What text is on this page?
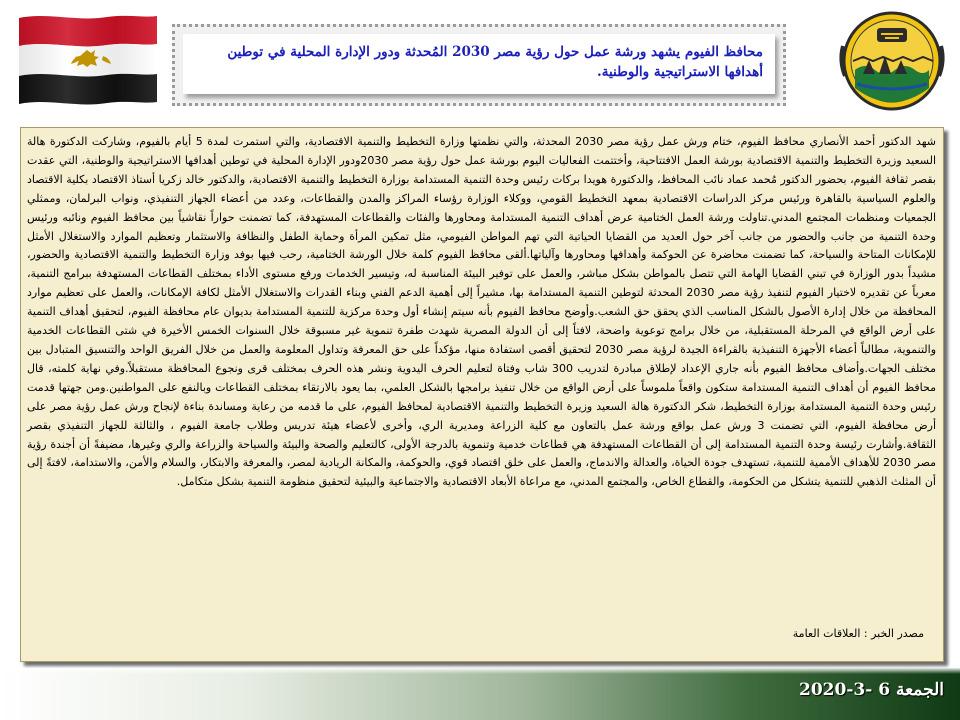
محافظ الفيوم يشهد ورشة عمل حول رؤية مصر 2030 المُحدثة ودور الإدارة المحلية في توطين أهدافها الاستراتيجية والوطنية.

شهد الدكتور أحمد الأنصاري محافظ الفيوم، ختام ورش عمل رؤية مصر 2030 المحدثة، والتي نظمتها وزارة التخطيط والتنمية الاقتصادية، والتي استمرت لمدة 5 أيام بالفيوم، وشاركت الدكتورة هالة السعيد وزيرة التخطيط والتنمية الاقتصادية بورشة العمل الافتتاحية، وأختتمت الفعاليات اليوم بورشة عمل حول رؤية مصر 2030ودور الإدارة المحلية في توطين أهدافها الاستراتيجية والوطنية، التي عقدت بقصر ثقافة الفيوم، بحضور الدكتور مُحمد عماد نائب المحافظ، والدكتورة هويدا بركات رئيس وحدة التنمية المستدامة بوزارة التخطيط والتنمية الاقتصادية، والدكتور خالد زكريا أستاذ الاقتصاد بكلية الاقتصاد والعلوم السياسية بالقاهرة ورئيس مركز الدراسات الاقتصادية بمعهد التخطيط القومي، ووكلاء الوزارة رؤساء المراكز والمدن والقطاعات، وعدد من أعضاء الجهاز التنفيذي، ونواب البرلمان، وممثلي الجمعيات ومنظمات المجتمع المدني.تناولت ورشة العمل الختامية عرض أهداف التنمية المستدامة ومحاورها والفئات والقطاعات المستهدفة، كما تضمنت حواراً نقاشياً بين محافظ الفيوم ونائبه ورئيس وحدة التنمية من جانب والحضور من جانب آخر حول العديد من القضايا الحياتية التي تهم المواطن الفيومي، مثل تمكين المرأة وحماية الطفل والنظافة والاستثمار وتعظيم الموارد والاستغلال الأمثل للإمكانات المتاحة والسياحة، كما تضمنت محاضرة عن الحوكمة وأهدافها ومحاورها وآلياتها.ألقى محافظ الفيوم كلمة خلال الورشة الختامية، رحب فيها بوفد وزارة التخطيط والتنمية الاقتصادية والحضور، مشيداً بدور الوزارة في تبني القضايا الهامة التي تتصل بالمواطن بشكل مباشر، والعمل على توفير البيئة المناسبة له، وتيسير الخدمات ورفع مستوى الأداء بمختلف القطاعات المستهدفة ببرامج التنمية، معرباً عن تقديره لاختيار الفيوم لتنفيذ رؤية مصر 2030 المحدثة لتوطين التنمية المستدامة بها، مشيراً إلى أهمية الدعم الفني وبناء القدرات والاستغلال الأمثل لكافة الإمكانات، والعمل على تعظيم موارد المحافظة من خلال إدارة الأصول بالشكل المناسب الذي يحقق حق الشعب.وأوضح محافظ الفيوم بأنه سيتم إنشاء أول وحدة مركزية للتنمية المستدامة بديوان عام محافظة الفيوم، لتحقيق أهداف التنمية على أرض الواقع في المرحلة المستقبلية، من خلال برامج توعوية واضحة، لافتاً إلى أن الدولة المصرية شهدت طفرة تنموية غير مسبوقة خلال السنوات الخمس الأخيرة في شتى القطاعات الخدمية والتنموية، مطالباً أعضاء الأجهزة التنفيذية بالقراءة الجيدة لرؤية مصر 2030 لتحقيق أقصى استفادة منها، مؤكداً على حق المعرفة وتداول المعلومة والعمل من خلال الفريق الواحد والتنسيق المتبادل بين مختلف الجهات.وأضاف محافظ الفيوم بأنه جاري الإعداد لإطلاق مبادرة لتدريب 300 شاب وفتاة لتعليم الحرف اليدوية ونشر هذه الحرف بمختلف قرى ونجوع المحافظة مستقبلاً.وفي نهاية كلمته، قال محافظ الفيوم أن أهداف التنمية المستدامة ستكون واقعاً ملموساً على أرض الواقع من خلال تنفيذ برامجها بالشكل العلمي، بما يعود بالارتقاء بمختلف القطاعات وبالنفع على المواطنين.ومن جهتها قدمت رئيس وحدة التنمية المستدامة بوزارة التخطيط، شكر الدكتورة هالة السعيد وزيرة التخطيط والتنمية الاقتصادية لمحافظ الفيوم، على ما قدمه من رعاية ومساندة بناءة لإنجاح ورش عمل رؤية مصر على أرض محافظة الفيوم، التي تضمنت 3 ورش عمل بواقع ورشة عمل بالتعاون مع كلية الزراعة ومديرية الري، وأخرى لأعضاء هيئة تدريس وطلاب جامعة الفيوم ، والثالثة للجهاز التنفيذي بقصر الثقافة.وأشارت رئيسة وحدة التنمية المستدامة إلى أن القطاعات المستهدفة هي قطاعات خدمية وتنموية بالدرجة الأولى، كالتعليم والصحة والبيئة والسياحة والزراعة والري وغيرها، مضيفةً أن أجندة رؤية مصر 2030 للأهداف الأممية للتنمية، تستهدف جودة الحياة، والعدالة والاندماج، والعمل على خلق اقتصاد قوي، والحوكمة، والمكانة الريادية لمصر، والمعرفة والابتكار، والسلام والأمن، والاستدامة، لافتةً إلى أن المثلث الذهبي للتنمية يتشكل من الحكومة، والقطاع الخاص، والمجتمع المدني، مع مراعاة الأبعاد الاقتصادية والاجتماعية والبيئية لتحقيق منظومة التنمية بشكل متكامل.

مصدر الخبر : العلاقات العامة
الجمعة 6 -3-2020
